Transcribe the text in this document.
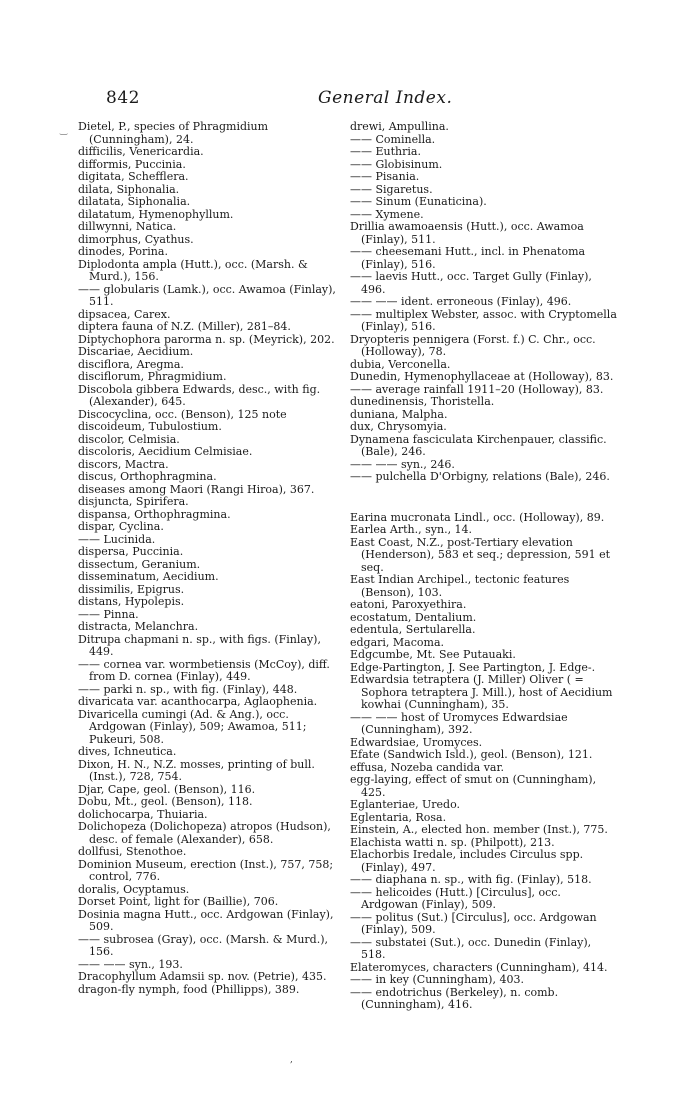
842	General Index.

Dietel, P., species of Phragmidium (Cunningham), 24.

difficilis, Venericardia.

difformis, Puccinia.

digitata, Schefflera.

dilata, Siphonalia.

dilatata, Siphonalia.

dilatatum, Hymenophyllum.

dillwynni, Natica.

dimorphus, Cyathus.

dinodes, Porina.

Diplodonta ampla (Hutt.), occ. (Marsh. & Murd.), 156.

—— globularis (Lamk.), occ. Awamoa (Finlay), 511.

dipsacea, Carex.

diptera fauna of N.Z. (Miller), 281–84.

Diptychophora parorma n. sp. (Meyrick), 202.

Discariae, Aecidium.

disciflora, Aregma.

disciflorum, Phragmidium.

Discobola gibbera Edwards, desc., with fig. (Alexander), 645.

Discocyclina, occ. (Benson), 125 note

discoideum, Tubulostium.

discolor, Celmisia.

discoloris, Aecidium Celmisiae.

discors, Mactra.

discus, Orthophragmina.

diseases among Maori (Rangi Hiroa), 367.

disjuncta, Spirifera.

dispansa, Orthophragmina.

dispar, Cyclina.

—— Lucinida.

dispersa, Puccinia.

dissectum, Geranium.

disseminatum, Aecidium.

dissimilis, Epigrus.

distans, Hypolepis.

—— Pinna.

distracta, Melanchra.

Ditrupa chapmani n. sp., with figs. (Finlay), 449.

—— cornea var. wormbetiensis (McCoy), diff. from D. cornea (Finlay), 449.

—— parki n. sp., with fig. (Finlay), 448.

divaricata var. acanthocarpa, Aglaophenia.

Divaricella cumingi (Ad. & Ang.), occ. Ardgowan (Finlay), 509; Awamoa, 511; Pukeuri, 508.

dives, Ichneutica.

Dixon, H. N., N.Z. mosses, printing of bull. (Inst.), 728, 754.

Djar, Cape, geol. (Benson), 116.

Dobu, Mt., geol. (Benson), 118.

dolichocarpa, Thuiaria.

Dolichopeza (Dolichopeza) atropos (Hudson), desc. of female (Alexander), 658.

dollfusi, Stenothoe.

Dominion Museum, erection (Inst.), 757, 758; control, 776.

doralis, Ocyptamus.

Dorset Point, light for (Baillie), 706.

Dosinia magna Hutt., occ. Ardgowan (Finlay), 509.

—— subrosea (Gray), occ. (Marsh. & Murd.), 156.

—— —— syn., 193.

Dracophyllum Adamsii sp. nov. (Petrie), 435.

dragon-fly nymph, food (Phillipps), 389.

drewi, Ampullina.

—— Cominella.

—— Euthria.

—— Globisinum.

—— Pisania.

—— Sigaretus.

—— Sinum (Eunaticina).

—— Xymene.

Drillia awamoaensis (Hutt.), occ. Awamoa (Finlay), 511.

—— cheesemani Hutt., incl. in Phenatoma (Finlay), 516.

—— laevis Hutt., occ. Target Gully (Finlay), 496.

—— —— ident. erroneous (Finlay), 496.

—— multiplex Webster, assoc. with Cryptomella (Finlay), 516.

Dryopteris pennigera (Forst. f.) C. Chr., occ. (Holloway), 78.

dubia, Verconella.

Dunedin, Hymenophyllaceae at (Holloway), 83.

—— average rainfall 1911–20 (Holloway), 83.

dunedinensis, Thoristella.

duniana, Malpha.

dux, Chrysomyia.

Dynamena fasciculata Kirchenpauer, classific. (Bale), 246.

—— —— syn., 246.

—— pulchella D'Orbigny, relations (Bale), 246.

Earina mucronata Lindl., occ. (Holloway), 89.

Earlea Arth., syn., 14.

East Coast, N.Z., post-Tertiary elevation (Henderson), 583 et seq.; depression, 591 et seq.

East Indian Archipel., tectonic features (Benson), 103.

eatoni, Paroxyethira.

ecostatum, Dentalium.

edentula, Sertularella.

edgari, Macoma.

Edgcumbe, Mt. See Putauaki.

Edge-Partington, J. See Partington, J. Edge-.

Edwardsia tetraptera (J. Miller) Oliver ( = Sophora tetraptera J. Mill.), host of Aecidium kowhai (Cunningham), 35.

—— —— host of Uromyces Edwardsiae (Cunningham), 392.

Edwardsiae, Uromyces.

Efate (Sandwich Isld.), geol. (Benson), 121.

effusa, Nozeba candida var.

egg-laying, effect of smut on (Cunningham), 425.

Eglanteriae, Uredo.

Eglentaria, Rosa.

Einstein, A., elected hon. member (Inst.), 775.

Elachista watti n. sp. (Philpott), 213.

Elachorbis Iredale, includes Circulus spp. (Finlay), 497.

—— diaphana n. sp., with fig. (Finlay), 518.

—— helicoides (Hutt.) [Circulus], occ. Ardgowan (Finlay), 509.

—— politus (Sut.) [Circulus], occ. Ardgowan (Finlay), 509.

—— substatei (Sut.), occ. Dunedin (Finlay), 518.

Elateromyces, characters (Cunningham), 414.

—— in key (Cunningham), 403.

—— endotrichus (Berkeley), n. comb. (Cunningham), 416.

‿
,
